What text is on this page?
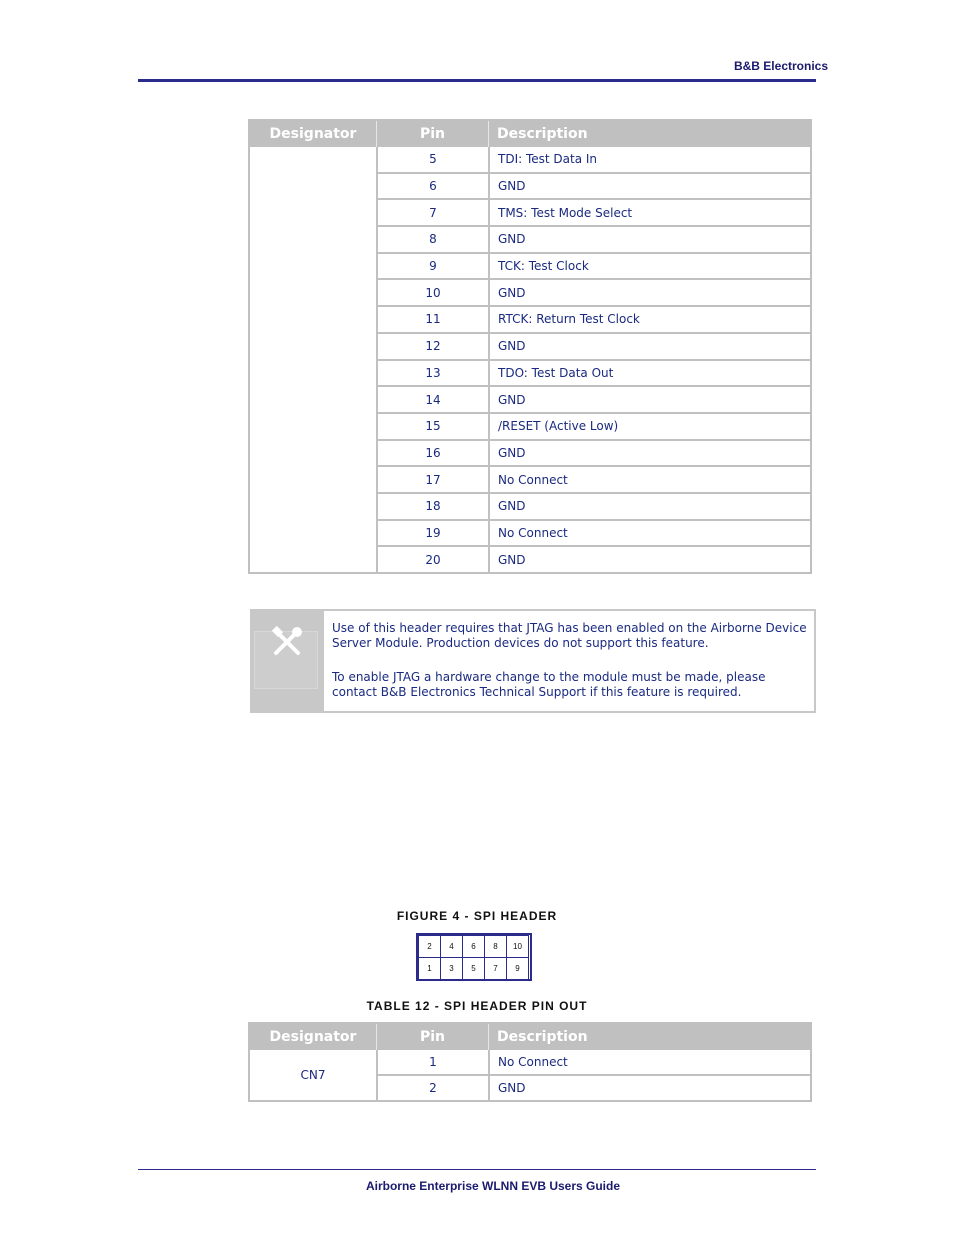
B&B Electronics
Designator	Pin	Description
	5	TDI: Test Data In
	6	GND
	7	TMS: Test Mode Select
	8	GND
	9	TCK: Test Clock
	10	GND
	11	RTCK: Return Test Clock
	12	GND
	13	TDO: Test Data Out
	14	GND
	15	/RESET (Active Low)
	16	GND
	17	No Connect
	18	GND
	19	No Connect
	20	GND

Use of this header requires that JTAG has been enabled on the Airborne Device Server Module. Production devices do not support this feature.

To enable JTAG a hardware change to the module must be made, please contact B&B Electronics Technical Support if this feature is required.

FIGURE 4 - SPI HEADER
2	4	6	8	10
1	3	5	7	9
TABLE 12 - SPI HEADER PIN OUT
Designator	Pin	Description
CN7	1	No Connect
	2	GND
Airborne Enterprise WLNN EVB Users Guide
